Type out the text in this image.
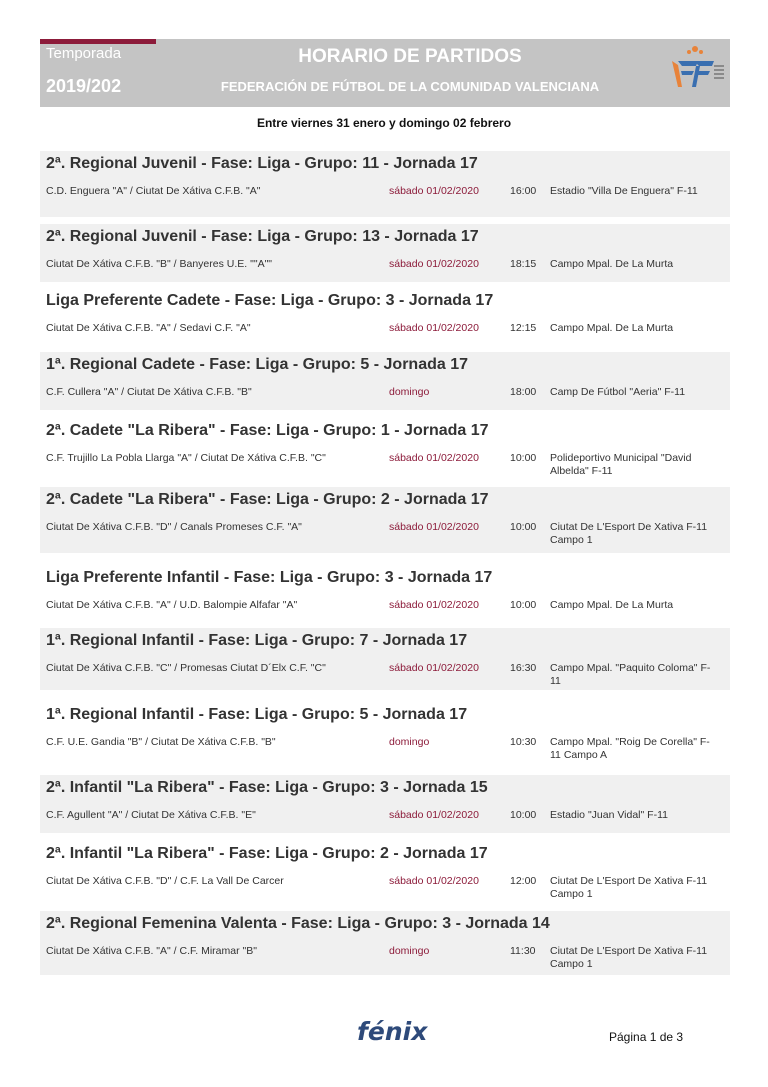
Temporada
2019/202
HORARIO DE PARTIDOS
FEDERACIÓN DE FÚTBOL DE LA COMUNIDAD VALENCIANA
Entre viernes 31 enero y domingo 02 febrero
2ª. Regional Juvenil - Fase: Liga - Grupo: 11 - Jornada 17
C.D. Enguera "A" / Ciutat De Xátiva C.F.B. "A"	sábado 01/02/2020	16:00 Estadio "Villa De Enguera" F-11
2ª. Regional Juvenil - Fase: Liga - Grupo: 13 - Jornada 17
Ciutat De Xátiva C.F.B. "B" / Banyeres U.E. ""A""	sábado 01/02/2020	18:15 Campo Mpal. De La Murta
Liga Preferente Cadete - Fase: Liga - Grupo: 3 - Jornada 17
Ciutat De Xátiva C.F.B. "A" / Sedavi C.F. "A"	sábado 01/02/2020	12:15 Campo Mpal. De La Murta
1ª. Regional Cadete - Fase: Liga - Grupo: 5 - Jornada 17
C.F. Cullera "A" / Ciutat De Xátiva C.F.B. "B"	domingo	18:00 Camp De Fútbol "Aeria" F-11
2ª. Cadete "La Ribera" - Fase: Liga - Grupo: 1 - Jornada 17
C.F. Trujillo La Pobla Llarga "A" / Ciutat De Xátiva C.F.B. "C"	sábado 01/02/2020	10:00 Polideportivo Municipal "David Albelda" F-11
2ª. Cadete "La Ribera" - Fase: Liga - Grupo: 2 - Jornada 17
Ciutat De Xátiva C.F.B. "D" / Canals Promeses C.F. "A"	sábado 01/02/2020	10:00 Ciutat De L'Esport De Xativa F-11 Campo 1
Liga Preferente Infantil - Fase: Liga - Grupo: 3 - Jornada 17
Ciutat De Xátiva C.F.B. "A" / U.D. Balompie Alfafar "A"	sábado 01/02/2020	10:00 Campo Mpal. De La Murta
1ª. Regional Infantil - Fase: Liga - Grupo: 7 - Jornada 17
Ciutat De Xátiva C.F.B. "C" / Promesas Ciutat D´Elx C.F. "C"	sábado 01/02/2020	16:30 Campo Mpal. "Paquito Coloma" F-11
1ª. Regional Infantil - Fase: Liga - Grupo: 5 - Jornada 17
C.F. U.E. Gandia "B" / Ciutat De Xátiva C.F.B. "B"	domingo	10:30 Campo Mpal. "Roig De Corella" F-11 Campo A
2ª. Infantil "La Ribera" - Fase: Liga - Grupo: 3 - Jornada 15
C.F. Agullent "A" / Ciutat De Xátiva C.F.B. "E"	sábado 01/02/2020	10:00 Estadio "Juan Vidal" F-11
2ª. Infantil "La Ribera" - Fase: Liga - Grupo: 2 - Jornada 17
Ciutat De Xátiva C.F.B. "D" / C.F. La Vall De Carcer	sábado 01/02/2020	12:00 Ciutat De L'Esport De Xativa F-11 Campo 1
2ª. Regional Femenina Valenta - Fase: Liga - Grupo: 3 - Jornada 14
Ciutat De Xátiva C.F.B. "A" / C.F. Miramar "B"	domingo	11:30 Ciutat De L'Esport De Xativa F-11 Campo 1
fénix	Página 1 de 3
